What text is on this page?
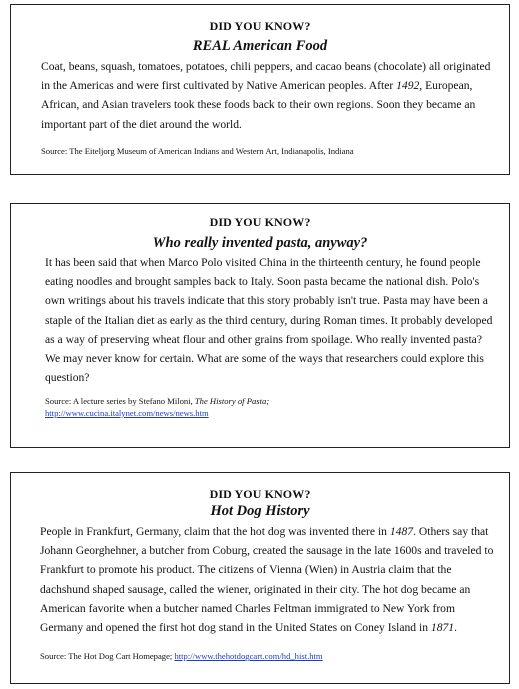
DID YOU KNOW?

REAL American Food

Coat, beans, squash, tomatoes, potatoes, chili peppers, and cacao beans (chocolate) all originated in the Americas and were first cultivated by Native American peoples. After 1492, European, African, and Asian travelers took these foods back to their own regions. Soon they became an important part of the diet around the world.

Source: The Eiteljorg Museum of American Indians and Western Art, Indianapolis, Indiana

DID YOU KNOW?

Who really invented pasta, anyway?

It has been said that when Marco Polo visited China in the thirteenth century, he found people eating noodles and brought samples back to Italy. Soon pasta became the national dish. Polo's own writings about his travels indicate that this story probably isn't true. Pasta may have been a staple of the Italian diet as early as the third century, during Roman times. It probably developed as a way of preserving wheat flour and other grains from spoilage. Who really invented pasta? We may never know for certain. What are some of the ways that researchers could explore this question?

Source: A lecture series by Stefano Miloni, The History of Pasta;
http://www.cucina.italynet.com/news/news.htm

DID YOU KNOW?

Hot Dog History

People in Frankfurt, Germany, claim that the hot dog was invented there in 1487. Others say that Johann Georghehner, a butcher from Coburg, created the sausage in the late 1600s and traveled to Frankfurt to promote his product. The citizens of Vienna (Wien) in Austria claim that the dachshund shaped sausage, called the wiener, originated in their city. The hot dog became an American favorite when a butcher named Charles Feltman immigrated to New York from Germany and opened the first hot dog stand in the United States on Coney Island in 1871.

Source: The Hot Dog Cart Homepage; http://www.thehotdogcart.com/hd_hist.htm
